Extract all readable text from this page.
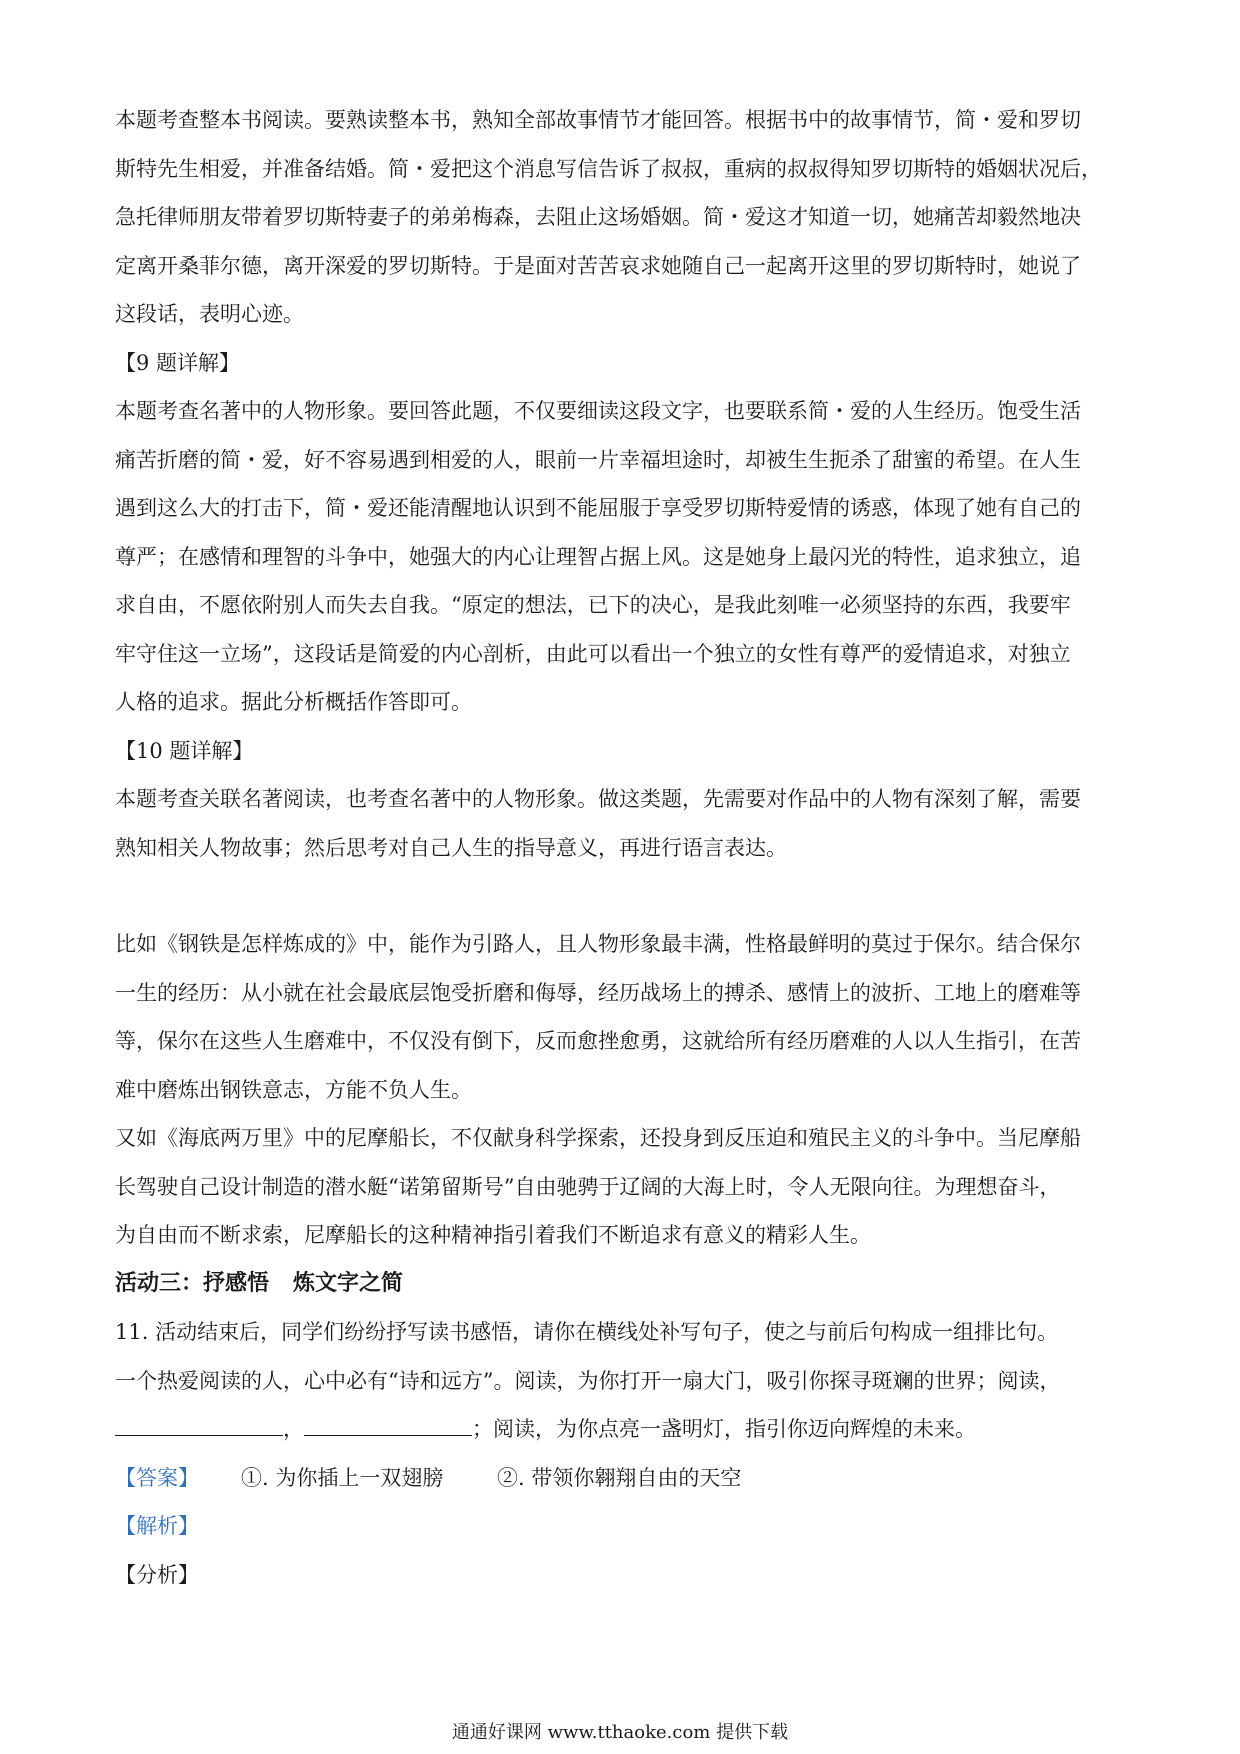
本题考查整本书阅读。要熟读整本书，熟知全部故事情节才能回答。根据书中的故事情节，简・爱和罗切

斯特先生相爱，并准备结婚。简・爱把这个消息写信告诉了叔叔，重病的叔叔得知罗切斯特的婚姻状况后，

急托律师朋友带着罗切斯特妻子的弟弟梅森，去阻止这场婚姻。简・爱这才知道一切，她痛苦却毅然地决

定离开桑菲尔德，离开深爱的罗切斯特。于是面对苦苦哀求她随自己一起离开这里的罗切斯特时，她说了

这段话，表明心迹。

【9 题详解】

本题考查名著中的人物形象。要回答此题，不仅要细读这段文字，也要联系简・爱的人生经历。饱受生活

痛苦折磨的简・爱，好不容易遇到相爱的人，眼前一片幸福坦途时，却被生生扼杀了甜蜜的希望。在人生

遇到这么大的打击下，简・爱还能清醒地认识到不能屈服于享受罗切斯特爱情的诱惑，体现了她有自己的

尊严；在感情和理智的斗争中，她强大的内心让理智占据上风。这是她身上最闪光的特性，追求独立，追

求自由，不愿依附别人而失去自我。“原定的想法，已下的决心，是我此刻唯一必须坚持的东西，我要牢

牢守住这一立场”，这段话是简爱的内心剖析，由此可以看出一个独立的女性有尊严的爱情追求，对独立

人格的追求。据此分析概括作答即可。

【10 题详解】

本题考查关联名著阅读，也考查名著中的人物形象。做这类题，先需要对作品中的人物有深刻了解，需要

熟知相关人物故事；然后思考对自己人生的指导意义，再进行语言表达。

比如《钢铁是怎样炼成的》中，能作为引路人，且人物形象最丰满，性格最鲜明的莫过于保尔。结合保尔

一生的经历：从小就在社会最底层饱受折磨和侮辱，经历战场上的搏杀、感情上的波折、工地上的磨难等

等，保尔在这些人生磨难中，不仅没有倒下，反而愈挫愈勇，这就给所有经历磨难的人以人生指引，在苦

难中磨炼出钢铁意志，方能不负人生。

又如《海底两万里》中的尼摩船长，不仅献身科学探索，还投身到反压迫和殖民主义的斗争中。当尼摩船

长驾驶自己设计制造的潜水艇“诺第留斯号”自由驰骋于辽阔的大海上时，令人无限向往。为理想奋斗，

为自由而不断求索，尼摩船长的这种精神指引着我们不断追求有意义的精彩人生。

活动三：抒感悟 炼文字之简

11. 活动结束后，同学们纷纷抒写读书感悟，请你在横线处补写句子，使之与前后句构成一组排比句。

一个热爱阅读的人，心中必有“诗和远方”。阅读，为你打开一扇大门，吸引你探寻斑斓的世界；阅读，

，	；阅读，为你点亮一盏明灯，指引你迈向辉煌的未来。

【答案】 ①. 为你插上一双翅膀	②. 带领你翱翔自由的天空

【解析】

【分析】

通通好课网 www.tthaoke.com 提供下载
